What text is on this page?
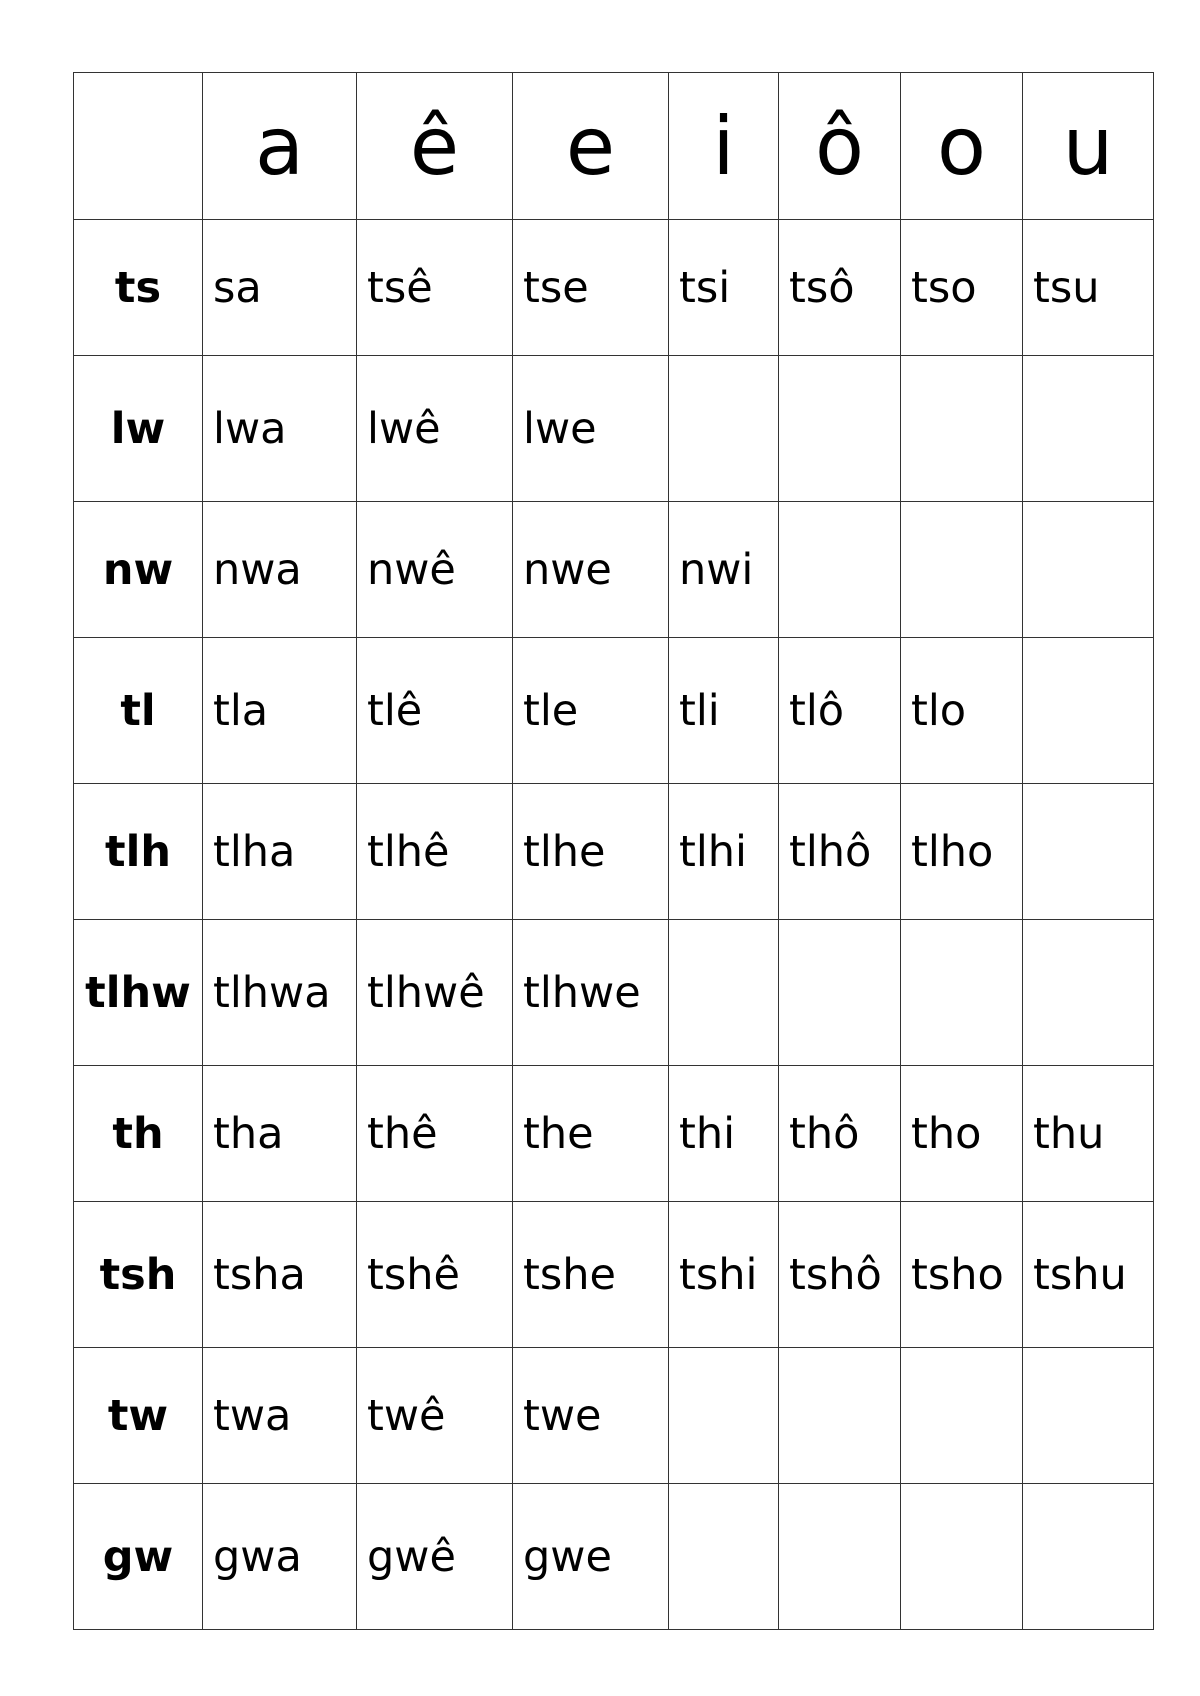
	a	ê	e	i	ô	o	u
ts	sa	tsê	tse	tsi	tsô	tso	tsu
lw	lwa	lwê	lwe				
nw	nwa	nwê	nwe	nwi			
tl	tla	tlê	tle	tli	tlô	tlo	
tlh	tlha	tlhê	tlhe	tlhi	tlhô	tlho	
tlhw	tlhwa	tlhwê	tlhwe				
th	tha	thê	the	thi	thô	tho	thu
tsh	tsha	tshê	tshe	tshi	tshô	tsho	tshu
tw	twa	twê	twe				
gw	gwa	gwê	gwe				
